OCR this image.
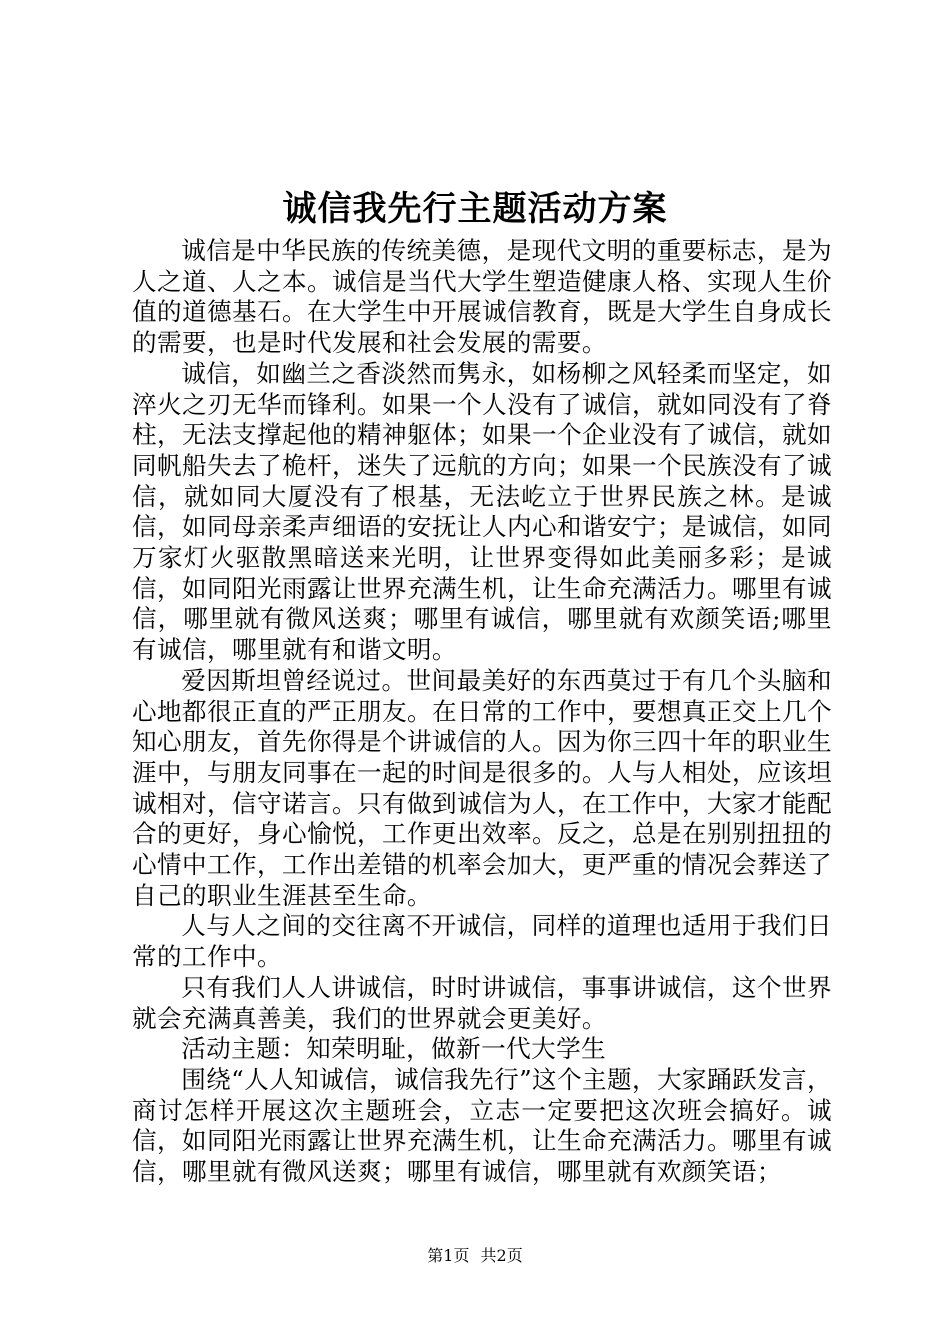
诚信我先行主题活动方案

诚信是中华民族的传统美德，是现代文明的重要标志，是为人之道、人之本。诚信是当代大学生塑造健康人格、实现人生价值的道德基石。在大学生中开展诚信教育，既是大学生自身成长的需要，也是时代发展和社会发展的需要。

诚信，如幽兰之香淡然而隽永，如杨柳之风轻柔而坚定，如淬火之刃无华而锋利。如果一个人没有了诚信，就如同没有了脊柱，无法支撑起他的精神躯体；如果一个企业没有了诚信，就如同帆船失去了桅杆，迷失了远航的方向；如果一个民族没有了诚信，就如同大厦没有了根基，无法屹立于世界民族之林。是诚信，如同母亲柔声细语的安抚让人内心和谐安宁；是诚信，如同万家灯火驱散黑暗送来光明，让世界变得如此美丽多彩；是诚信，如同阳光雨露让世界充满生机，让生命充满活力。哪里有诚信，哪里就有微风送爽；哪里有诚信，哪里就有欢颜笑语;哪里有诚信，哪里就有和谐文明。

爱因斯坦曾经说过。世间最美好的东西莫过于有几个头脑和心地都很正直的严正朋友。在日常的工作中，要想真正交上几个知心朋友，首先你得是个讲诚信的人。因为你三四十年的职业生涯中，与朋友同事在一起的时间是很多的。人与人相处，应该坦诚相对，信守诺言。只有做到诚信为人，在工作中，大家才能配合的更好，身心愉悦，工作更出效率。反之，总是在别别扭扭的心情中工作，工作出差错的机率会加大，更严重的情况会葬送了自己的职业生涯甚至生命。

人与人之间的交往离不开诚信，同样的道理也适用于我们日常的工作中。

只有我们人人讲诚信，时时讲诚信，事事讲诚信，这个世界就会充满真善美，我们的世界就会更美好。

活动主题：知荣明耻，做新一代大学生

围绕“人人知诚信，诚信我先行”这个主题，大家踊跃发言，商讨怎样开展这次主题班会，立志一定要把这次班会搞好。诚信，如同阳光雨露让世界充满生机，让生命充满活力。哪里有诚信，哪里就有微风送爽；哪里有诚信，哪里就有欢颜笑语；

第1页 共2页
